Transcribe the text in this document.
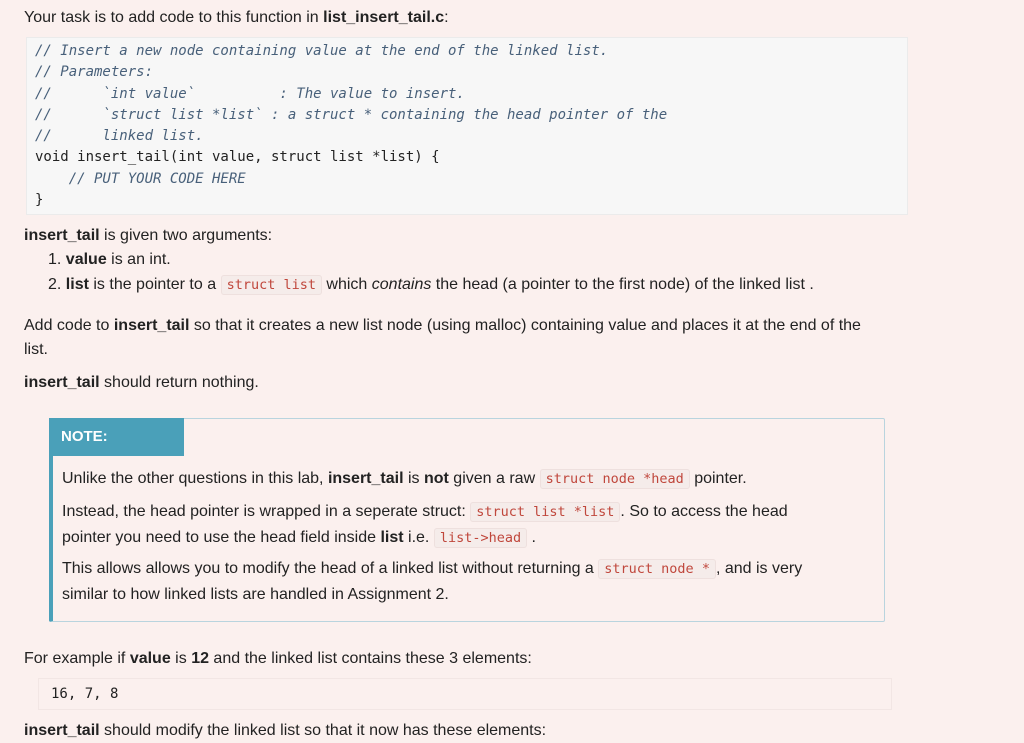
Your task is to add code to this function in list_insert_tail.c:
// Insert a new node containing value at the end of the linked list.
// Parameters:
//      `int value`          : The value to insert.
//      `struct list *list` : a struct * containing the head pointer of the
//      linked list.
void insert_tail(int value, struct list *list) {
// PUT YOUR CODE HERE
}
insert_tail is given two arguments:
1. value is an int.
2. list is the pointer to a struct list which contains the head (a pointer to the first node) of the linked list .
Add code to insert_tail so that it creates a new list node (using malloc) containing value and places it at the end of the
list.
insert_tail should return nothing.
NOTE:
Unlike the other questions in this lab, insert_tail is not given a raw struct node *head pointer.
Instead, the head pointer is wrapped in a seperate struct: struct list *list . So to access the head
pointer you need to use the head field inside list i.e. list->head .
This allows allows you to modify the head of a linked list without returning a struct node * , and is very
similar to how linked lists are handled in Assignment 2.
For example if value is 12 and the linked list contains these 3 elements:
16, 7, 8
insert_tail should modify the linked list so that it now has these elements:
